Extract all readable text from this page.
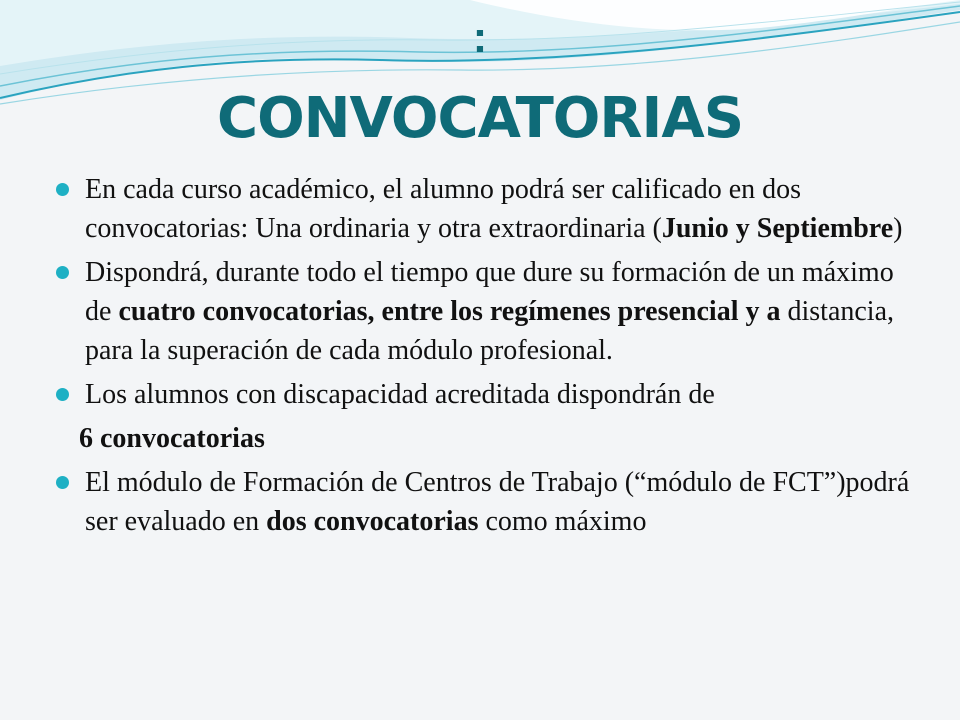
:
CONVOCATORIAS
En cada curso académico, el alumno podrá ser calificado en dos convocatorias: Una ordinaria y otra extraordinaria (Junio y Septiembre)
Dispondrá, durante todo el tiempo que dure su formación de un máximo de cuatro convocatorias, entre los regímenes presencial y a distancia, para la superación de cada módulo profesional.
Los alumnos con discapacidad acreditada dispondrán de
6 convocatorias
El módulo de Formación de Centros de Trabajo (“módulo de FCT”)podrá ser evaluado en dos convocatorias como máximo
